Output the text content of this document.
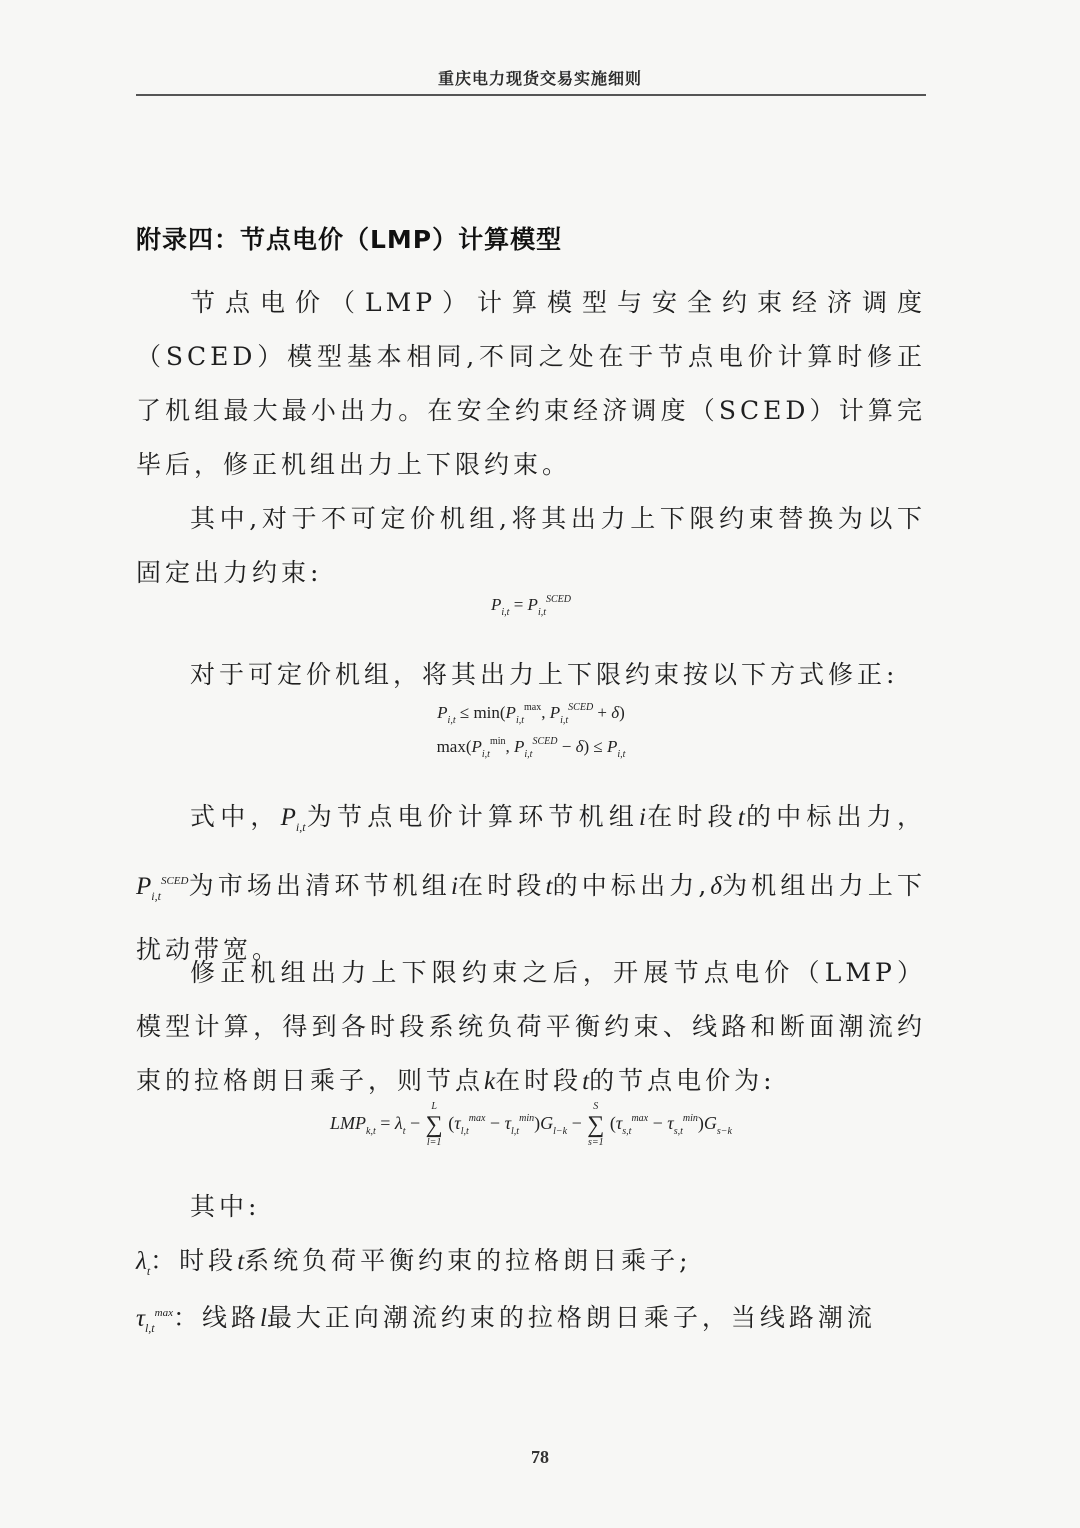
重庆电力现货交易实施细则
附录四：节点电价（LMP）计算模型

节点电价（LMP）计算模型与安全约束经济调度（SCED）模型基本相同,不同之处在于节点电价计算时修正了机组最大最小出力。在安全约束经济调度（SCED）计算完毕后，修正机组出力上下限约束。

其中,对于不可定价机组,将其出力上下限约束替换为以下固定出力约束:

$P_{i,t} = P_{i,t}^{SCED}$

对于可定价机组，将其出力上下限约束按以下方式修正:

$P_{i,t} \le \min(P_{i,t}^{max}$, $P_{i,t}^{SCED} + \delta$)
$\max(P_{i,t}^{min}$, $P_{i,t}^{SCED} - \delta) \le P_{i,t}$

式中，$P_{i,t}$为节点电价计算环节机组i在时段t的中标出力，$P_{i,t}^{SCED}$为市场出清环节机组i在时段t的中标出力,δ为机组出力上下扰动带宽。

修正机组出力上下限约束之后，开展节点电价（LMP）模型计算，得到各时段系统负荷平衡约束、线路和断面潮流约束的拉格朗日乘子，则节点k在时段t的节点电价为:

$LMP_{k,t} = \lambda_t - L$
∑
l=1 $(\tau_{l,t}^{max} - \tau_{l,t}^{min})G_{l-k} - S$
∑
s=1 $(\tau_{s,t}^{max} - \tau_{s,t}^{min})G_{s-k}$

其中:

$\lambda_t$：时段t系统负荷平衡约束的拉格朗日乘子;

$\tau_{l,t}^{max}$：线路l最大正向潮流约束的拉格朗日乘子，当线路潮流

78
